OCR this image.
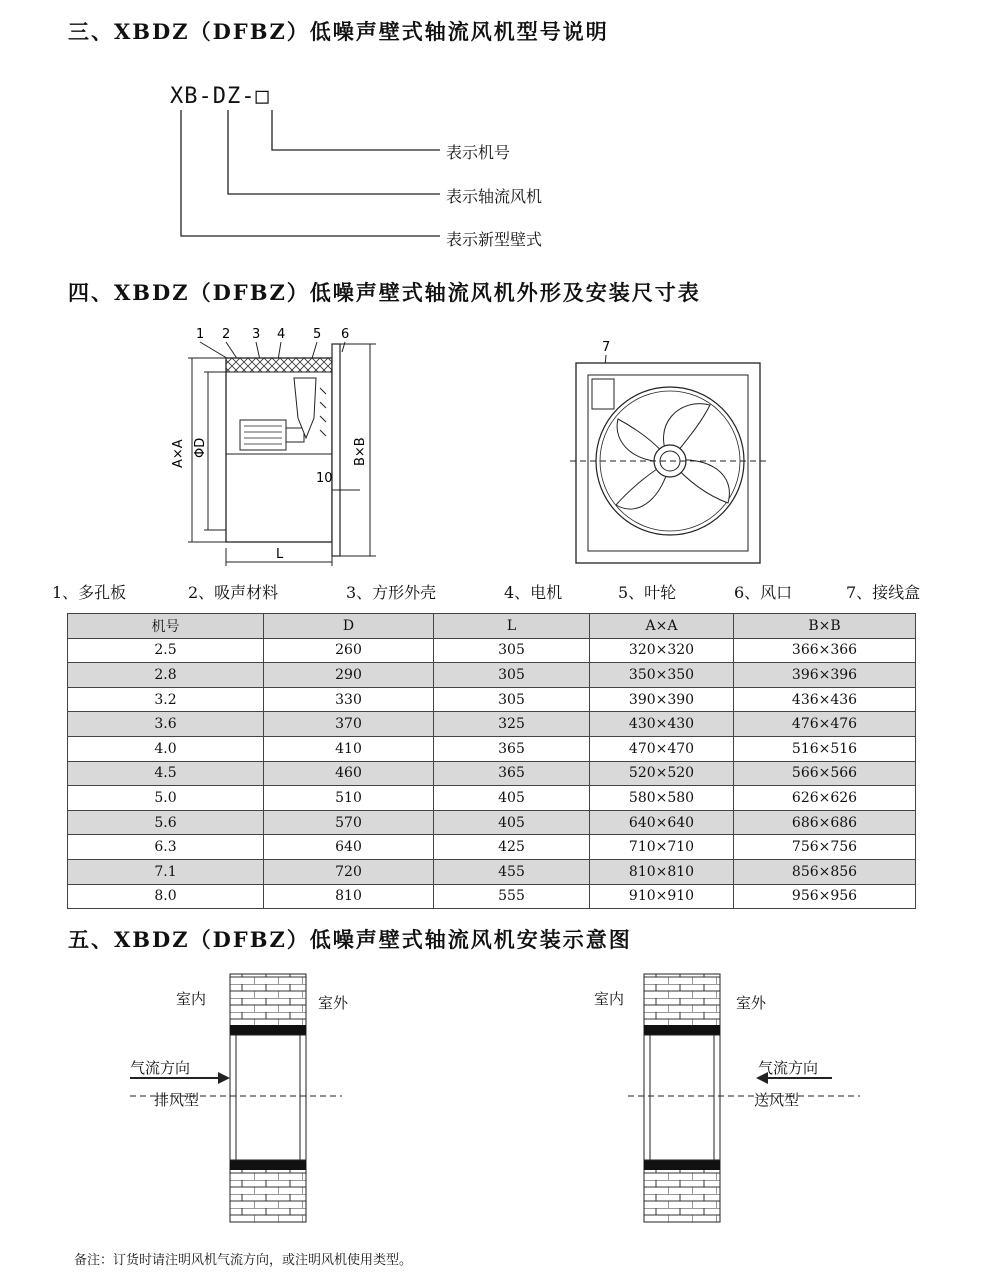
三、XBDZ（DFBZ）低噪声壁式轴流风机型号说明
XB-DZ-□
表示机号
表示轴流风机
表示新型壁式
四、XBDZ（DFBZ）低噪声壁式轴流风机外形及安装尺寸表
1 2 3 4 5 6
A×A ΦD	B×B
10
L
7
1、多孔板	2、吸声材料	3、方形外壳	4、电机	5、叶轮	6、风口	7、接线盒
机号	D	L	A×A	B×B
2.5	260	305	320×320	366×366
2.8	290	305	350×350	396×396
3.2	330	305	390×390	436×436
3.6	370	325	430×430	476×476
4.0	410	365	470×470	516×516
4.5	460	365	520×520	566×566
5.0	510	405	580×580	626×626
5.6	570	405	640×640	686×686
6.3	640	425	710×710	756×756
7.1	720	455	810×810	856×856
8.0	810	555	910×910	956×956
五、XBDZ（DFBZ）低噪声壁式轴流风机安装示意图
室内	室外
气流方向
排风型
室内	室外
气流方向
送风型
备注：订货时请注明风机气流方向，或注明风机使用类型。
